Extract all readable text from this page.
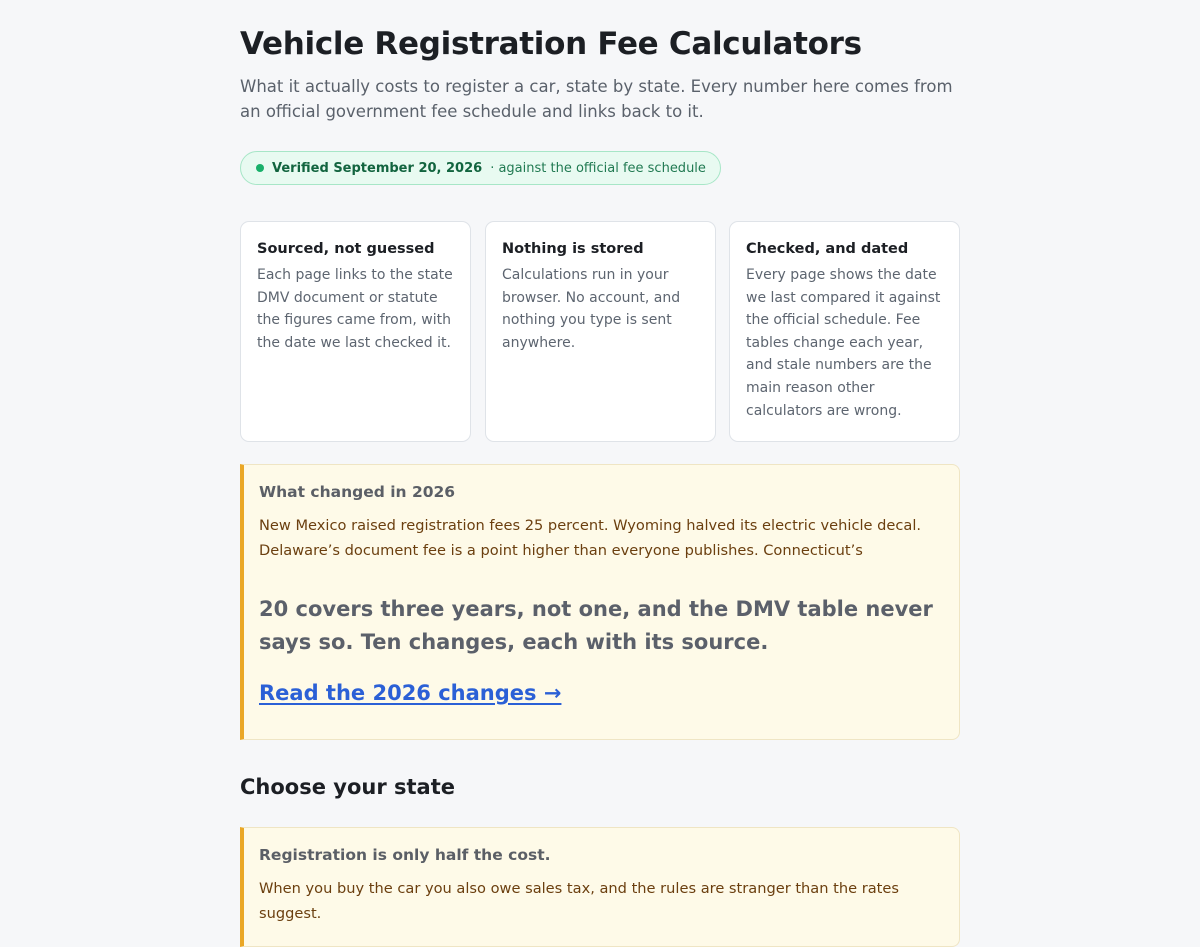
Vehicle Registration Fee Calculators

What it actually costs to register a car, state by state. Every number here comes from an official government fee schedule and links back to it.

Verified September 20, 2026 · against the official fee schedule
Sourced, not guessed

Each page links to the state DMV document or statute the figures came from, with the date we last checked it.

Nothing is stored

Calculations run in your browser. No account, and nothing you type is sent anywhere.

Checked, and dated

Every page shows the date we last compared it against the official schedule. Fee tables change each year, and stale numbers are the main reason other calculators are wrong.

What changed in 2026

New Mexico raised registration fees 25 percent. Wyoming halved its electric vehicle decal. Delaware’s document fee is a point higher than everyone publishes. Connecticut’s

20 covers three years, not one, and the DMV table never says so. Ten changes, each with its source.

Read the 2026 changes →
Choose your state
Registration is only half the cost.

When you buy the car you also owe sales tax, and the rules are stranger than the rates suggest.
